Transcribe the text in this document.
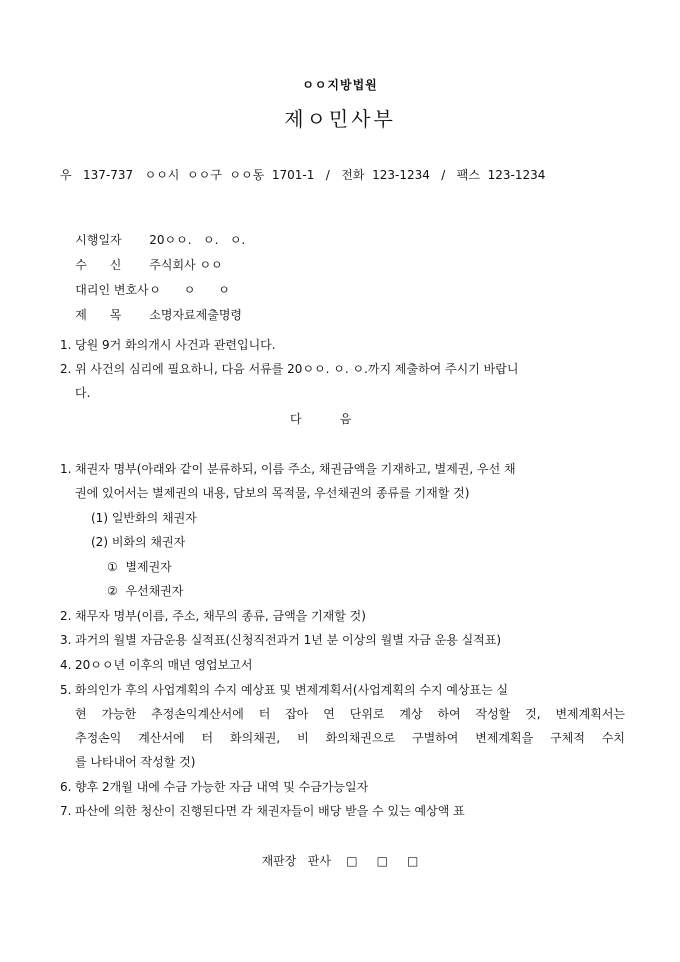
ㅇㅇ지방법원
제ㅇ민사부
우   137-737   ㅇㅇ시  ㅇㅇ구  ㅇㅇ동  1701-1   /   전화  123-1234   /   팩스  123-1234

시행일자 20ㅇㅇ.   ㅇ.   ㅇ.

수      신 주식회사 ㅇㅇ

대리인 변호사ㅇ      ㅇ      ㅇ

제      목 소명자료제출명령

1. 당원 9거 화의개시 사건과 관련입니다.
2. 위 사건의 심리에 필요하니, 다음 서류를 20ㅇㅇ. ㅇ. ㅇ.까지 제출하여 주시기 바랍니
다.
다          음
1. 채권자 명부(아래와 같이 분류하되, 이름 주소, 채권금액을 기재하고, 별제권, 우선 채
권에 있어서는 별제권의 내용, 담보의 목적물, 우선채권의 종류를 기재할 것)
(1) 일반화의 채권자
(2) 비화의 채권자
①  별제권자
②  우선채권자
2. 채무자 명부(이름, 주소, 채무의 종류, 금액을 기재할 것)
3. 과거의 월별 자금운용 실적표(신청직전과거 1년 분 이상의 월별 자금 운용 실적표)
4. 20ㅇㅇ년 이후의 매년 영업보고서
5. 화의인가 후의 사업계획의 수지 예상표 및 변제계획서(사업계획의 수지 예상표는 실
현 가능한 추정손익계산서에 터 잡아 연 단위로 계상 하여 작성할 것, 변제계획서는
추정손익 계산서에 터 화의채권, 비 화의채권으로 구별하여 변제계획을 구체적 수치
를 나타내어 작성할 것)
6. 향후 2개월 내에 수금 가능한 자금 내역 및 수금가능일자
7. 파산에 의한 청산이 진행된다면 각 채권자들이 배당 받을 수 있는 예상액 표
재판장   판사    □     □     □
